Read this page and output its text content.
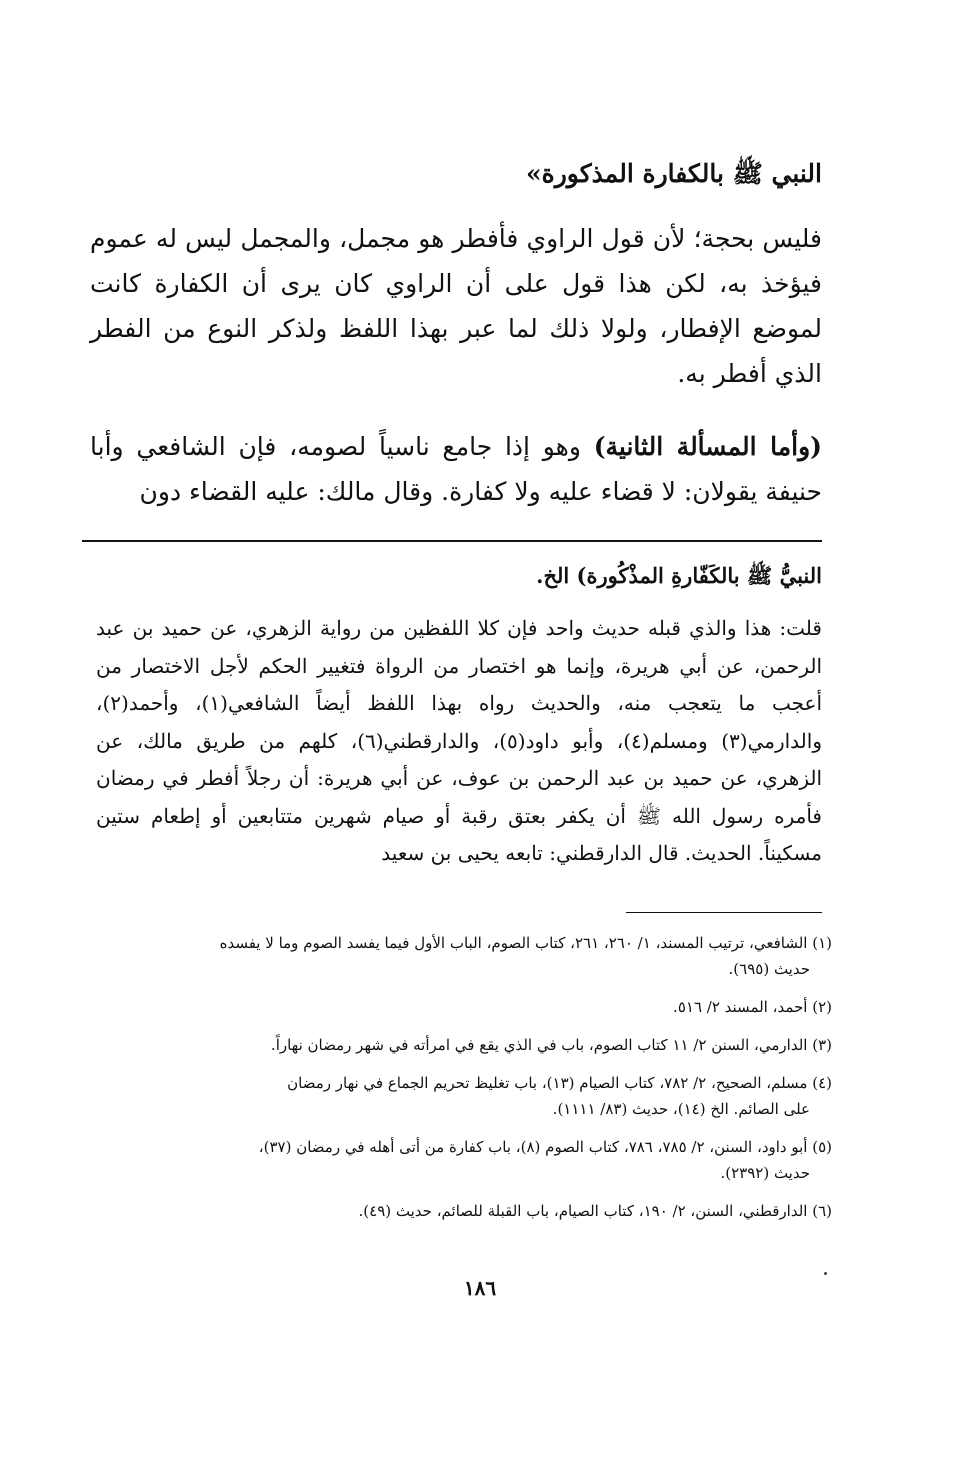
النبي ﷺ بالكفارة المذكورة»
فليس بحجة؛ لأن قول الراوي فأفطر هو مجمل، والمجمل ليس له عموم فيؤخذ به، لكن هذا قول على أن الراوي كان يرى أن الكفارة كانت لموضع الإفطار، ولولا ذلك لما عبر بهذا اللفظ ولذكر النوع من الفطر الذي أفطر به.
(وأما المسألة الثانية) وهو إذا جامع ناسياً لصومه، فإن الشافعي وأبا حنيفة يقولان: لا قضاء عليه ولا كفارة. وقال مالك: عليه القضاء دون
النبيُّ ﷺ بالكَفّارةِ المذْكُورة) الخ.
قلت: هذا والذي قبله حديث واحد فإن كلا اللفظين من رواية الزهري، عن حميد بن عبد الرحمن، عن أبي هريرة، وإنما هو اختصار من الرواة فتغيير الحكم لأجل الاختصار من أعجب ما يتعجب منه، والحديث رواه بهذا اللفظ أيضاً الشافعي(١)، وأحمد(٢)، والدارمي(٣) ومسلم(٤)، وأبو داود(٥)، والدارقطني(٦)، كلهم من طريق مالك، عن الزهري، عن حميد بن عبد الرحمن بن عوف، عن أبي هريرة: أن رجلاً أفطر في رمضان فأمره رسول الله ﷺ أن يكفر بعتق رقبة أو صيام شهرين متتابعين أو إطعام ستين مسكيناً. الحديث. قال الدارقطني: تابعه يحيى بن سعيد
(١) الشافعي، ترتيب المسند، ١/ ٢٦٠، ٢٦١، كتاب الصوم، الباب الأول فيما يفسد الصوم وما لا يفسده
حديث (٦٩٥).
(٢) أحمد، المسند ٢/ ٥١٦.
(٣) الدارمي، السنن ٢/ ١١ كتاب الصوم، باب في الذي يقع في امرأته في شهر رمضان نهاراً.
(٤) مسلم، الصحيح، ٢/ ٧٨٢، كتاب الصيام (١٣)، باب تغليظ تحريم الجماع في نهار رمضان
على الصائم. الخ (١٤)، حديث (٨٣/ ١١١١).
(٥) أبو داود، السنن، ٢/ ٧٨٥، ٧٨٦، كتاب الصوم (٨)، باب كفارة من أتى أهله في رمضان (٣٧)،
حديث (٢٣٩٢).
(٦) الدارقطني، السنن، ٢/ ١٩٠، كتاب الصيام، باب القبلة للصائم، حديث (٤٩).
١٨٦
